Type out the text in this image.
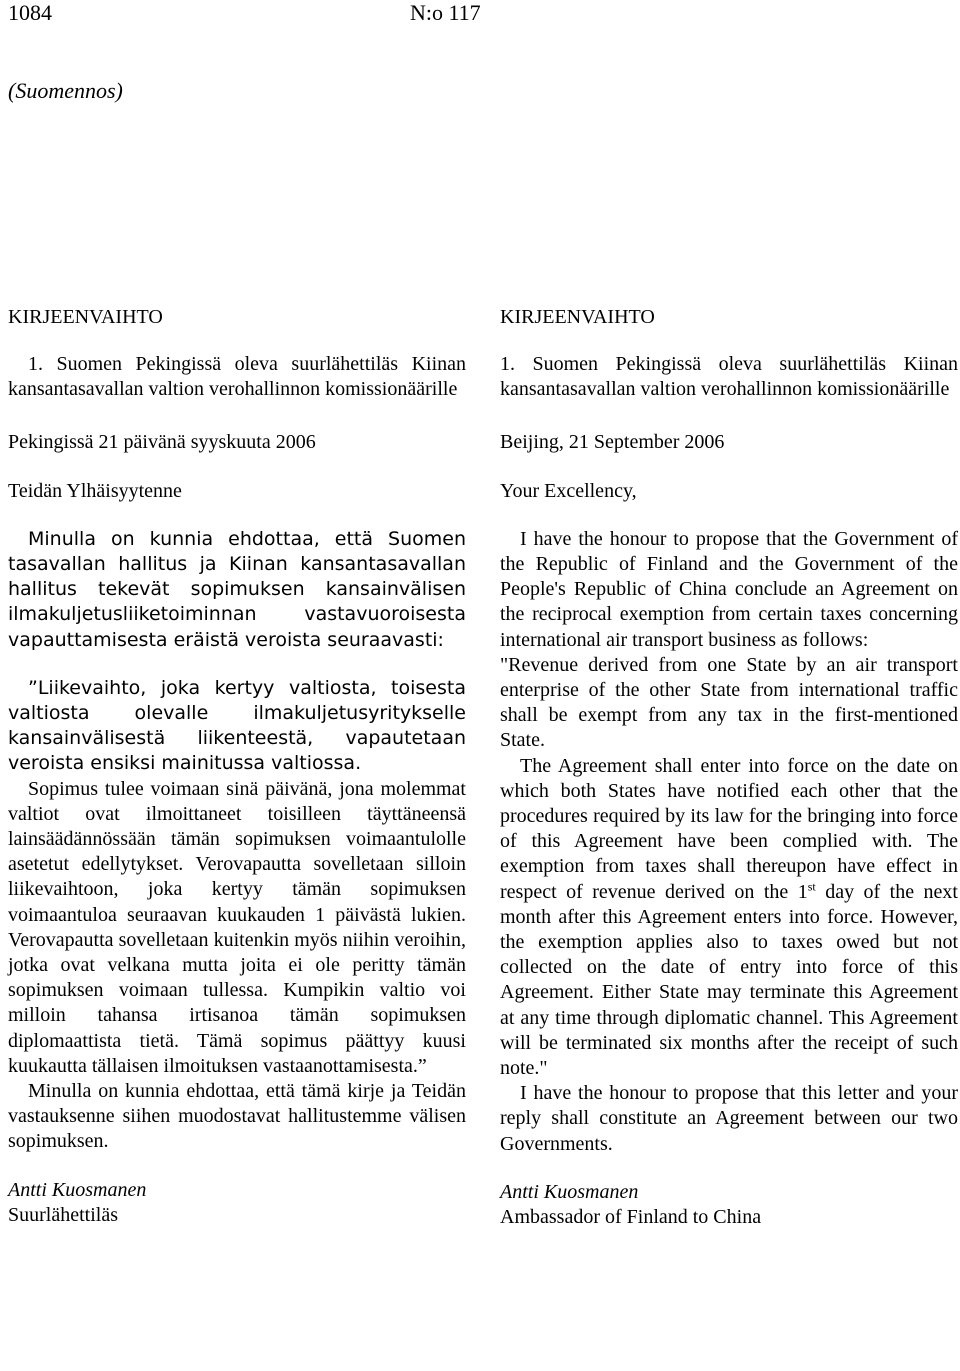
1084	N:o 117
(Suomennos)

KIRJEENVAIHTO

1. Suomen Pekingissä oleva suurlähettiläs Kiinan kansantasavallan valtion verohallinnon komissionäärille

Pekingissä 21 päivänä syyskuuta 2006

Teidän Ylhäisyytenne

Minulla on kunnia ehdottaa, että Suomen tasavallan hallitus ja Kiinan kansantasavallan hallitus tekevät sopimuksen kansainvälisen ilmakuljetusliiketoiminnan vastavuoroisesta vapauttamisesta eräistä veroista seuraavasti:

”Liikevaihto, joka kertyy valtiosta, toisesta valtiosta olevalle ilmakuljetusyritykselle kansainvälisestä liikenteestä, vapautetaan veroista ensiksi mainitussa valtiossa.

Sopimus tulee voimaan sinä päivänä, jona molemmat valtiot ovat ilmoittaneet toisilleen täyttäneensä lainsäädännössään tämän sopimuksen voimaantulolle asetetut edellytykset. Verovapautta sovelletaan silloin liikevaihtoon, joka kertyy tämän sopimuksen voimaantuloa seuraavan kuukauden 1 päivästä lukien. Verovapautta sovelletaan kuitenkin myös niihin veroihin, jotka ovat velkana mutta joita ei ole peritty tämän sopimuksen voimaan tullessa. Kumpikin valtio voi milloin tahansa irtisanoa tämän sopimuksen diplomaattista tietä. Tämä sopimus päättyy kuusi kuukautta tällaisen ilmoituksen vastaanottamisesta.”

Minulla on kunnia ehdottaa, että tämä kirje ja Teidän vastauksenne siihen muodostavat hallitustemme välisen sopimuksen.

Antti Kuosmanen

Suurlähettiläs

KIRJEENVAIHTO

1. Suomen Pekingissä oleva suurlähettiläs Kiinan kansantasavallan valtion verohallinnon komissionäärille

Beijing, 21 September 2006

Your Excellency,

I have the honour to propose that the Government of the Republic of Finland and the Government of the People's Republic of China conclude an Agreement on the reciprocal exemption from certain taxes concerning international air transport business as follows:

"Revenue derived from one State by an air transport enterprise of the other State from international traffic shall be exempt from any tax in the first-mentioned State.

The Agreement shall enter into force on the date on which both States have notified each other that the procedures required by its law for the bringing into force of this Agreement have been complied with. The exemption from taxes shall thereupon have effect in respect of revenue derived on the 1st day of the next month after this Agreement enters into force. However, the exemption applies also to taxes owed but not collected on the date of entry into force of this Agreement. Either State may terminate this Agreement at any time through diplomatic channel. This Agreement will be terminated six months after the receipt of such note."

I have the honour to propose that this letter and your reply shall constitute an Agreement between our two Governments.

Antti Kuosmanen

Ambassador of Finland to China
